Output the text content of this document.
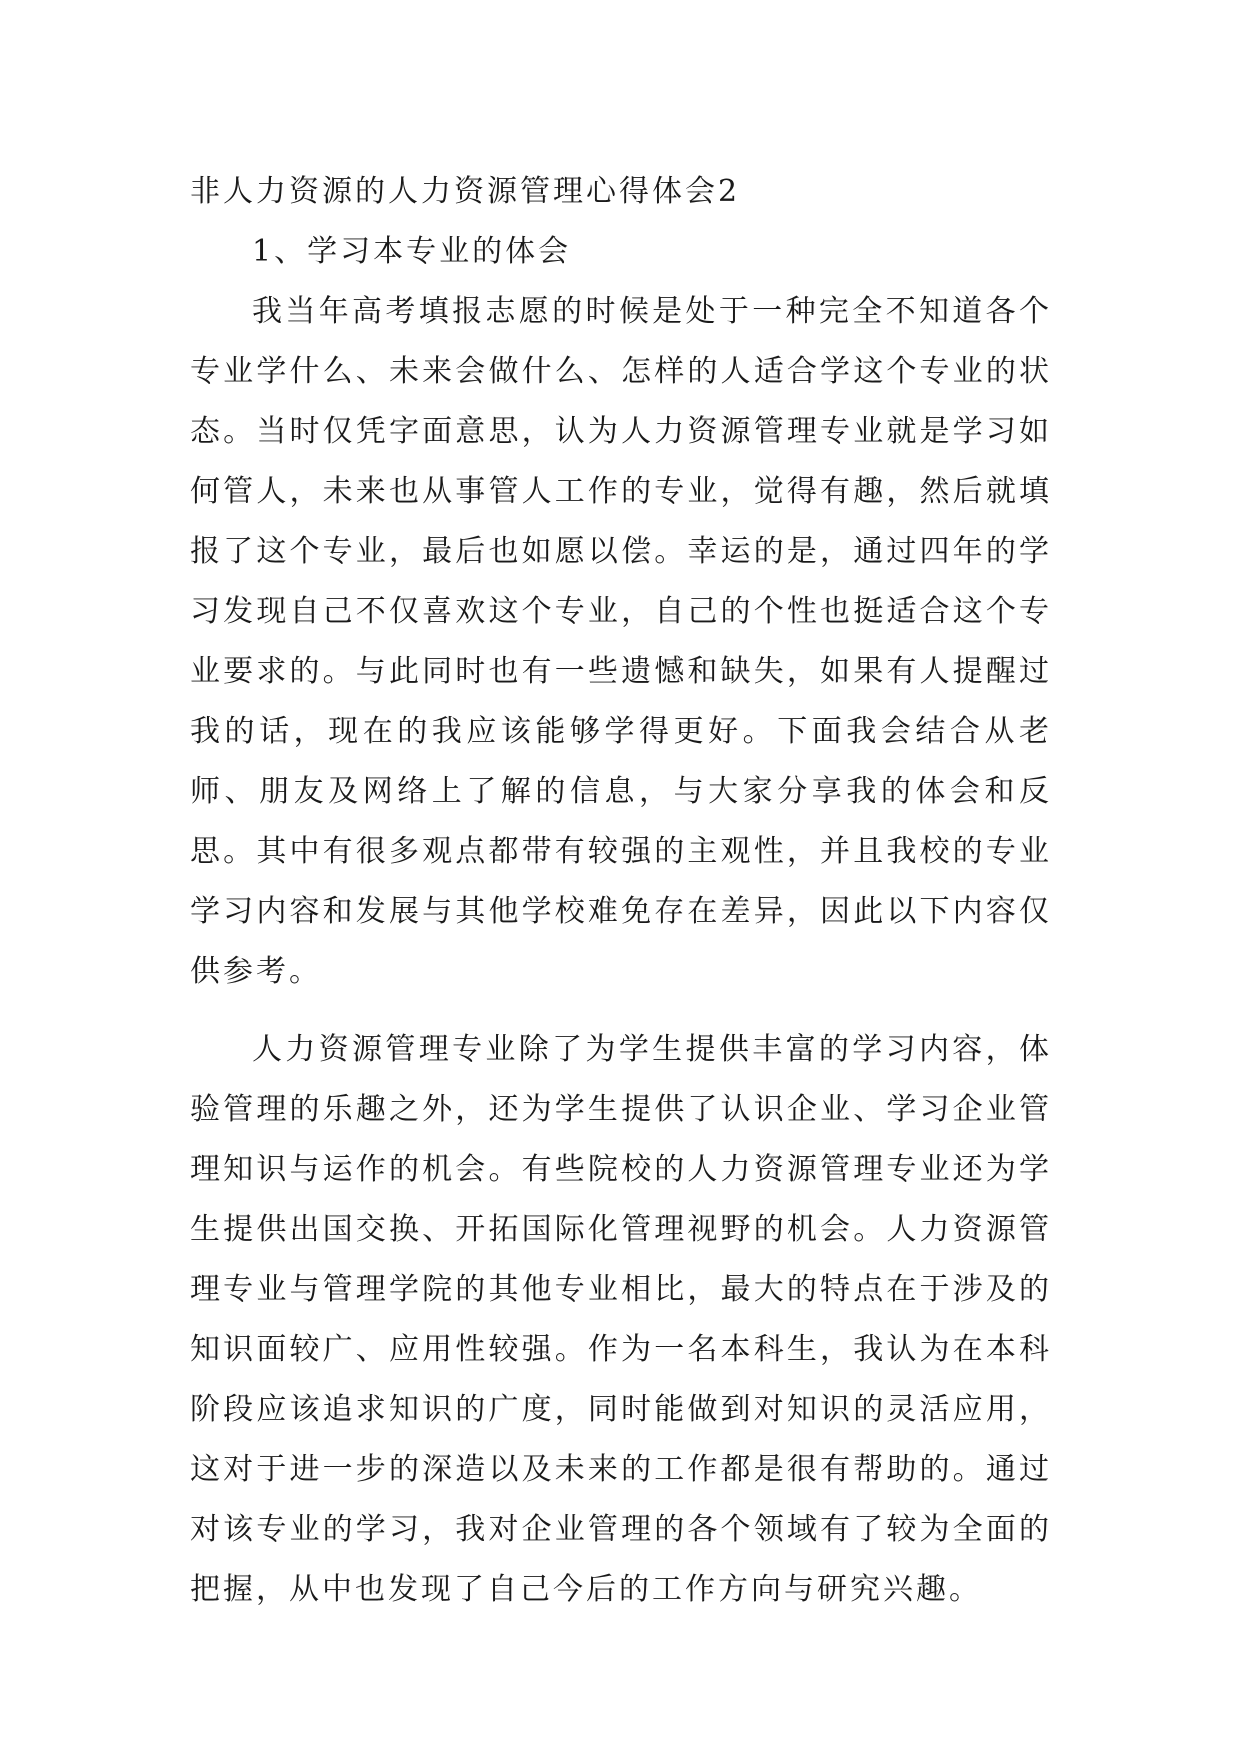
非人力资源的人力资源管理心得体会2
1、学习本专业的体会

我当年高考填报志愿的时候是处于一种完全不知道各个专业学什么、未来会做什么、怎样的人适合学这个专业的状态。当时仅凭字面意思，认为人力资源管理专业就是学习如何管人，未来也从事管人工作的专业，觉得有趣，然后就填报了这个专业，最后也如愿以偿。幸运的是，通过四年的学习发现自己不仅喜欢这个专业，自己的个性也挺适合这个专业要求的。与此同时也有一些遗憾和缺失，如果有人提醒过我的话，现在的我应该能够学得更好。下面我会结合从老师、朋友及网络上了解的信息，与大家分享我的体会和反思。其中有很多观点都带有较强的主观性，并且我校的专业学习内容和发展与其他学校难免存在差异，因此以下内容仅供参考。

人力资源管理专业除了为学生提供丰富的学习内容，体验管理的乐趣之外，还为学生提供了认识企业、学习企业管理知识与运作的机会。有些院校的人力资源管理专业还为学生提供出国交换、开拓国际化管理视野的机会。人力资源管理专业与管理学院的其他专业相比，最大的特点在于涉及的知识面较广、应用性较强。作为一名本科生，我认为在本科阶段应该追求知识的广度，同时能做到对知识的灵活应用，这对于进一步的深造以及未来的工作都是很有帮助的。通过对该专业的学习，我对企业管理的各个领域有了较为全面的把握，从中也发现了自己今后的工作方向与研究兴趣。
